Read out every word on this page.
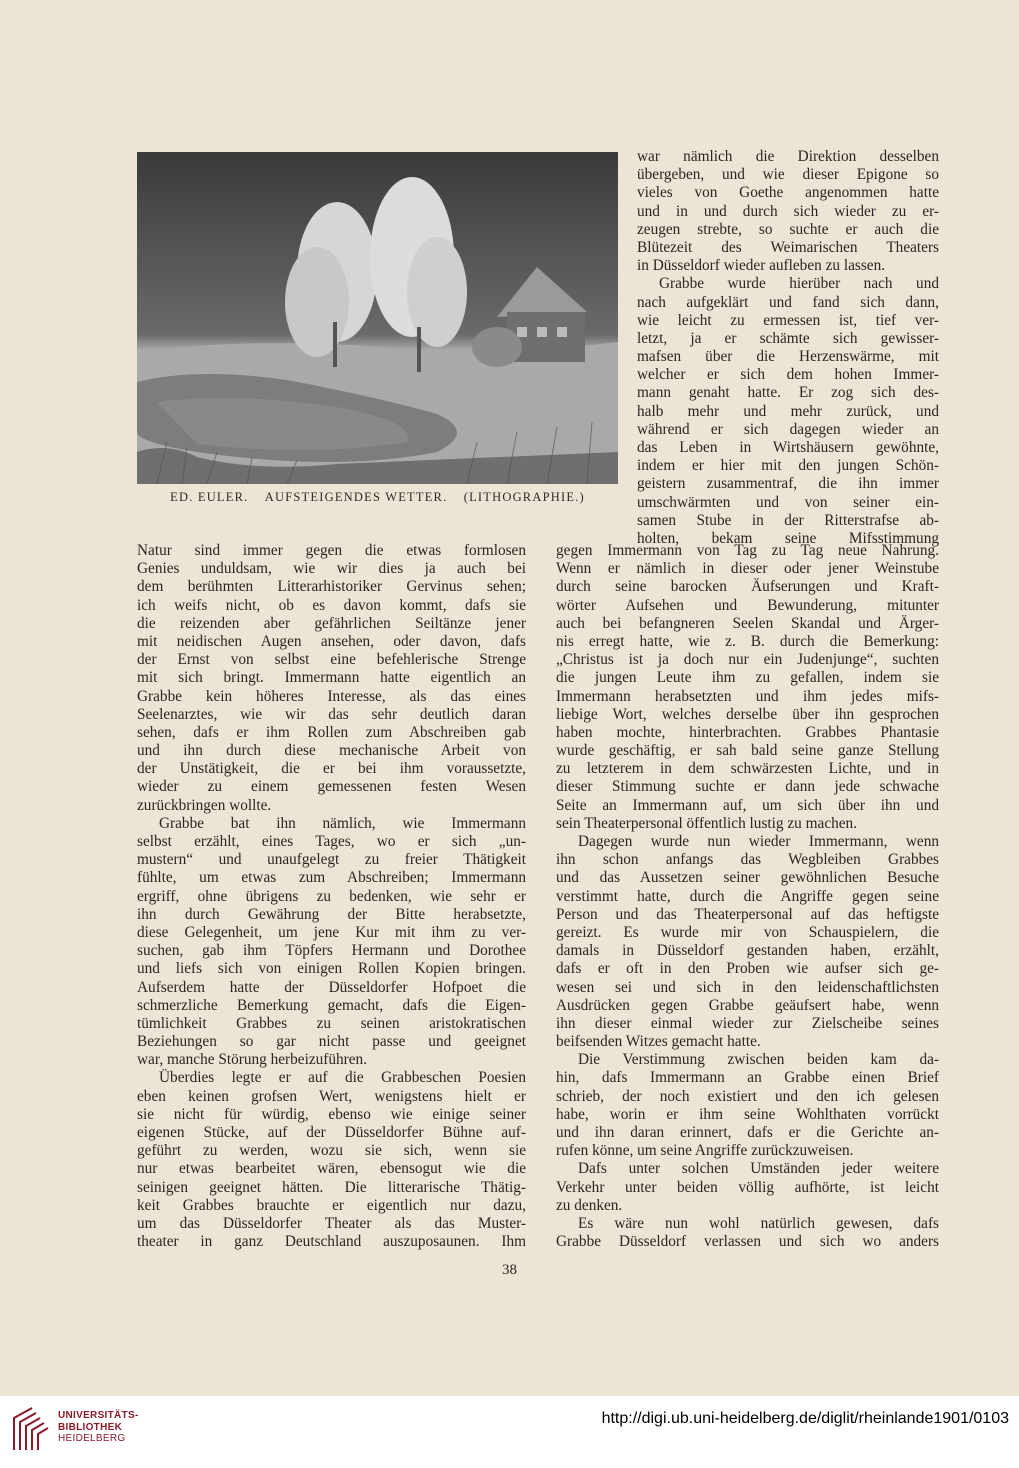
ED. EULER. AUFSTEIGENDES WETTER. (LITHOGRAPHIE.)
war nämlich die Direktion desselben
übergeben, und wie dieser Epigone so
vieles von Goethe angenommen hatte
und in und durch sich wieder zu er-
zeugen strebte, so suchte er auch die
Blütezeit des Weimarischen Theaters
in Düsseldorf wieder aufleben zu lassen.
Grabbe wurde hierüber nach und
nach aufgeklärt und fand sich dann,
wie leicht zu ermessen ist, tief ver-
letzt, ja er schämte sich gewisser-
mafsen über die Herzenswärme, mit
welcher er sich dem hohen Immer-
mann genaht hatte. Er zog sich des-
halb mehr und mehr zurück, und
während er sich dagegen wieder an
das Leben in Wirtshäusern gewöhnte,
indem er hier mit den jungen Schön-
geistern zusammentraf, die ihn immer
umschwärmten und von seiner ein-
samen Stube in der Ritterstrafse ab-
holten, bekam seine Mifsstimmung
Natur sind immer gegen die etwas formlosen
Genies unduldsam, wie wir dies ja auch bei
dem berühmten Litterarhistoriker Gervinus sehen;
ich weifs nicht, ob es davon kommt, dafs sie
die reizenden aber gefährlichen Seiltänze jener
mit neidischen Augen ansehen, oder davon, dafs
der Ernst von selbst eine befehlerische Strenge
mit sich bringt. Immermann hatte eigentlich an
Grabbe kein höheres Interesse, als das eines
Seelenarztes, wie wir das sehr deutlich daran
sehen, dafs er ihm Rollen zum Abschreiben gab
und ihn durch diese mechanische Arbeit von
der Unstätigkeit, die er bei ihm voraussetzte,
wieder zu einem gemessenen festen Wesen
zurückbringen wollte.
Grabbe bat ihn nämlich, wie Immermann
selbst erzählt, eines Tages, wo er sich „un-
mustern“ und unaufgelegt zu freier Thätigkeit
fühlte, um etwas zum Abschreiben; Immermann
ergriff, ohne übrigens zu bedenken, wie sehr er
ihn durch Gewährung der Bitte herabsetzte,
diese Gelegenheit, um jene Kur mit ihm zu ver-
suchen, gab ihm Töpfers Hermann und Dorothee
und liefs sich von einigen Rollen Kopien bringen.
Aufserdem hatte der Düsseldorfer Hofpoet die
schmerzliche Bemerkung gemacht, dafs die Eigen-
tümlichkeit Grabbes zu seinen aristokratischen
Beziehungen so gar nicht passe und geeignet
war, manche Störung herbeizuführen.
Überdies legte er auf die Grabbeschen Poesien
eben keinen grofsen Wert, wenigstens hielt er
sie nicht für würdig, ebenso wie einige seiner
eigenen Stücke, auf der Düsseldorfer Bühne auf-
geführt zu werden, wozu sie sich, wenn sie
nur etwas bearbeitet wären, ebensogut wie die
seinigen geeignet hätten. Die litterarische Thätig-
keit Grabbes brauchte er eigentlich nur dazu,
um das Düsseldorfer Theater als das Muster-
theater in ganz Deutschland auszuposaunen. Ihm
gegen Immermann von Tag zu Tag neue Nahrung.
Wenn er nämlich in dieser oder jener Weinstube
durch seine barocken Äufserungen und Kraft-
wörter Aufsehen und Bewunderung, mitunter
auch bei befangneren Seelen Skandal und Ärger-
nis erregt hatte, wie z. B. durch die Bemerkung:
„Christus ist ja doch nur ein Judenjunge“, suchten
die jungen Leute ihm zu gefallen, indem sie
Immermann herabsetzten und ihm jedes mifs-
liebige Wort, welches derselbe über ihn gesprochen
haben mochte, hinterbrachten. Grabbes Phantasie
wurde geschäftig, er sah bald seine ganze Stellung
zu letzterem in dem schwärzesten Lichte, und in
dieser Stimmung suchte er dann jede schwache
Seite an Immermann auf, um sich über ihn und
sein Theaterpersonal öffentlich lustig zu machen.
Dagegen wurde nun wieder Immermann, wenn
ihn schon anfangs das Wegbleiben Grabbes
und das Aussetzen seiner gewöhnlichen Besuche
verstimmt hatte, durch die Angriffe gegen seine
Person und das Theaterpersonal auf das heftigste
gereizt. Es wurde mir von Schauspielern, die
damals in Düsseldorf gestanden haben, erzählt,
dafs er oft in den Proben wie aufser sich ge-
wesen sei und sich in den leidenschaftlichsten
Ausdrücken gegen Grabbe geäufsert habe, wenn
ihn dieser einmal wieder zur Zielscheibe seines
beifsenden Witzes gemacht hatte.
Die Verstimmung zwischen beiden kam da-
hin, dafs Immermann an Grabbe einen Brief
schrieb, der noch existiert und den ich gelesen
habe, worin er ihm seine Wohlthaten vorrückt
und ihn daran erinnert, dafs er die Gerichte an-
rufen könne, um seine Angriffe zurückzuweisen.
Dafs unter solchen Umständen jeder weitere
Verkehr unter beiden völlig aufhörte, ist leicht
zu denken.
Es wäre nun wohl natürlich gewesen, dafs
Grabbe Düsseldorf verlassen und sich wo anders
38
UNIVERSITÄTS-
BIBLIOTHEK
HEIDELBERG
http://digi.ub.uni-heidelberg.de/diglit/rheinlande1901/0103
